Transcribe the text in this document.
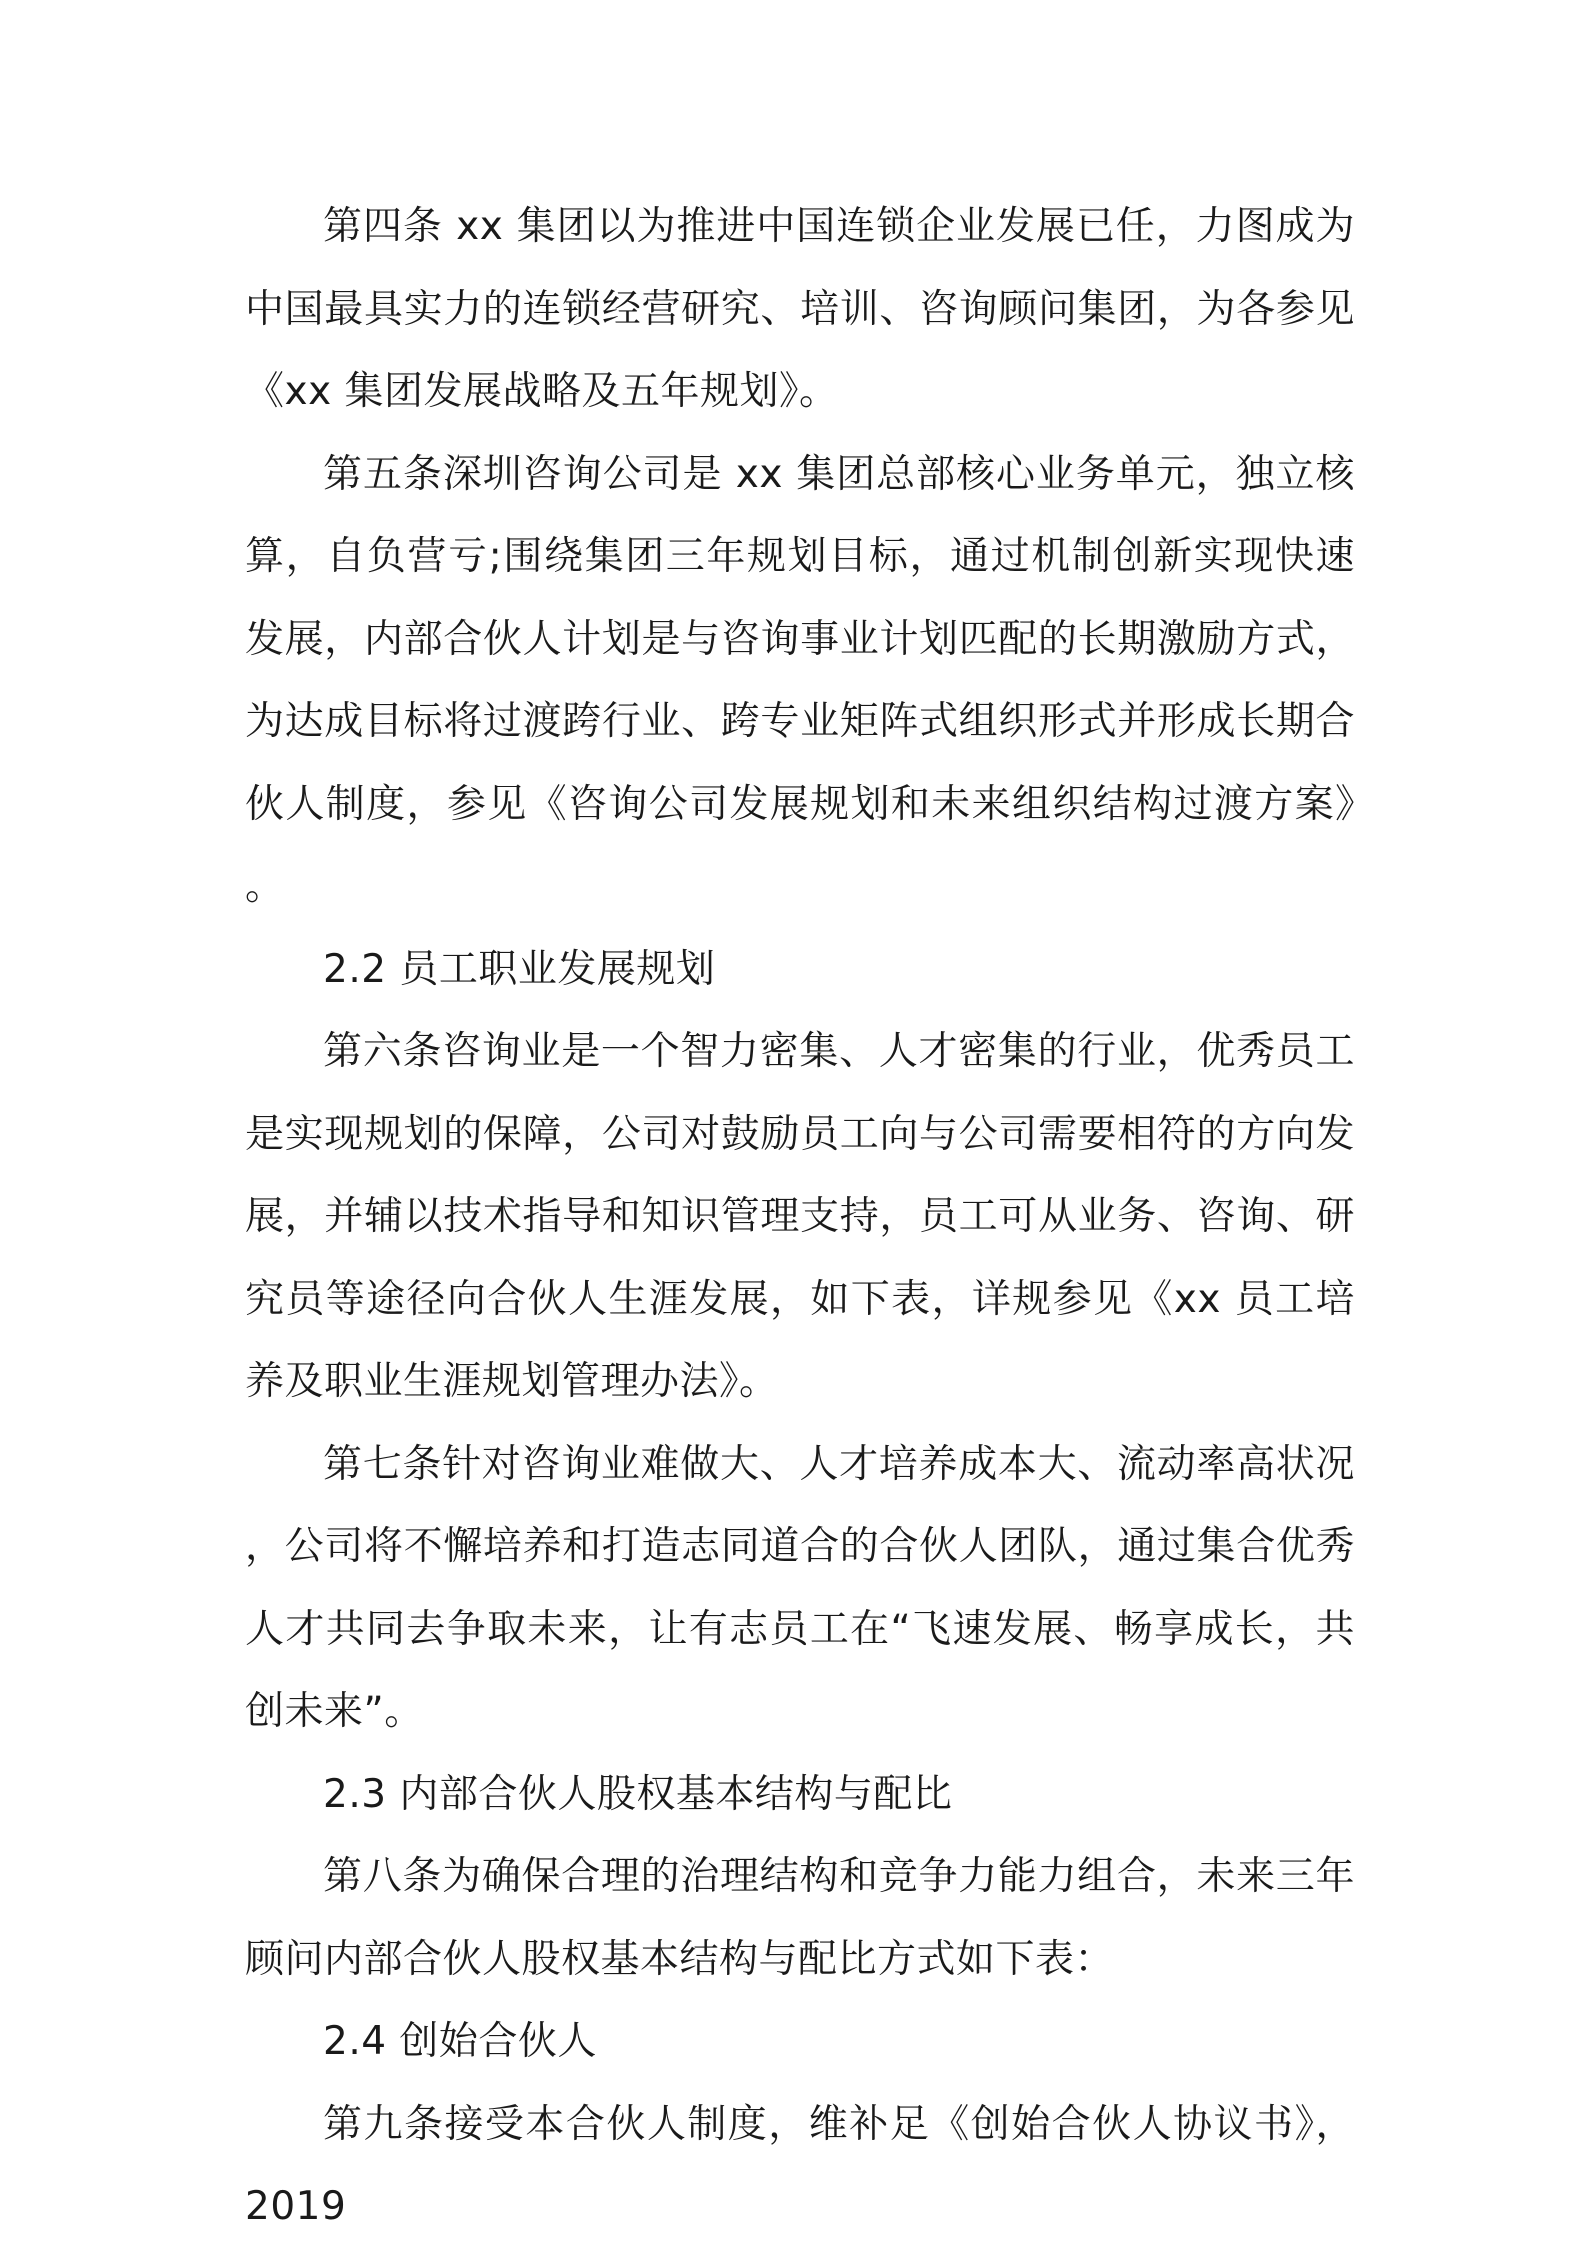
第四条 xx 集团以为推进中国连锁企业发展已任，力图成为中国最具实力的连锁经营研究、培训、咨询顾问集团，为各参见《xx 集团发展战略及五年规划》。

第五条深圳咨询公司是 xx 集团总部核心业务单元，独立核算，自负营亏;围绕集团三年规划目标，通过机制创新实现快速发展，内部合伙人计划是与咨询事业计划匹配的长期激励方式，为达成目标将过渡跨行业、跨专业矩阵式组织形式并形成长期合伙人制度，参见《咨询公司发展规划和未来组织结构过渡方案》。

2.2 员工职业发展规划

第六条咨询业是一个智力密集、人才密集的行业，优秀员工是实现规划的保障，公司对鼓励员工向与公司需要相符的方向发展，并辅以技术指导和知识管理支持，员工可从业务、咨询、研究员等途径向合伙人生涯发展，如下表，详规参见《xx 员工培养及职业生涯规划管理办法》。

第七条针对咨询业难做大、人才培养成本大、流动率高状况，公司将不懈培养和打造志同道合的合伙人团队，通过集合优秀人才共同去争取未来，让有志员工在“飞速发展、畅享成长，共创未来”。

2.3 内部合伙人股权基本结构与配比

第八条为确保合理的治理结构和竞争力能力组合，未来三年顾问内部合伙人股权基本结构与配比方式如下表：

2.4 创始合伙人

第九条接受本合伙人制度，维补足《创始合伙人协议书》，2019
